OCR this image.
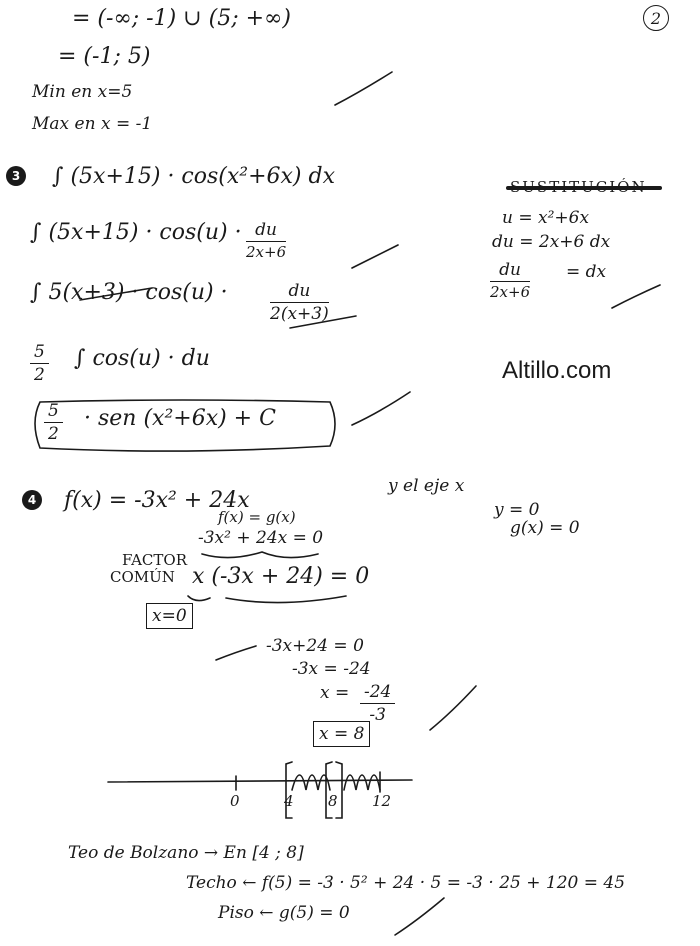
2
= (-∞; -1) ∪ (5; +∞)
= (-1; 5)
Min en x=5
Max en x = -1
3 ∫ (5x+15) · cos(x²+6x) dx
∫ $(5x+15) \cdot \cos(u) \cdot \frac{du}{2x+6}$
∫ $5(x+3) \cdot \cos(u) \cdot \frac{du}{2(x+3)}$
$\frac{5}{2}$ ∫ cos(u) · du
$\frac{5}{2}$ · sen (x²+6x) + C
SUSTITUCIÓN
u = x²+6x
du = 2x+6 dx
$\frac{du}{2x+6}$ = dx
Altillo.com
4 f(x) = -3x² + 24x
y el eje x
y = 0
g(x) = 0
f(x) = g(x)
-3x² + 24x = 0
FACTOR
COMÚN x (-3x + 24) = 0
x=0
-3x+24 = 0
-3x = -24
$x = \frac{-24}{-3}$
x = 8
0	4 8 12
Teo de Bolzano → En [4 ; 8]
Techo ← f(5) = -3 · 5² + 24 · 5 = -3 · 25 + 120 = 45
Piso ← g(5) = 0
